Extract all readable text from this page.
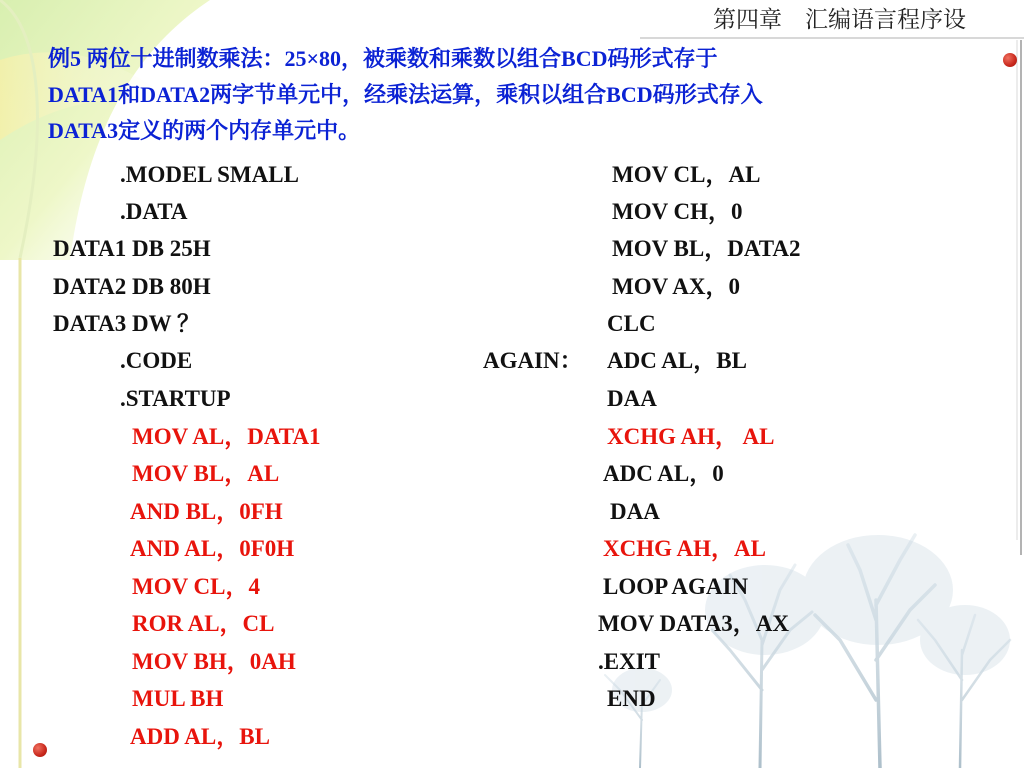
第四章　汇编语言程序设
例5 两位十进制数乘法：25×80，被乘数和乘数以组合BCD码形式存于
DATA1和DATA2两字节单元中，经乘法运算，乘积以组合BCD码形式存入
DATA3定义的两个内存单元中。
.MODEL SMALL
.DATA
DATA1 DB 25H
DATA2 DB 80H
DATA3 DW ？
.CODE
.STARTUP
MOV AL，DATA1
MOV BL，AL
AND BL，0FH
AND AL，0F0H
MOV CL，4
ROR AL，CL
MOV BH，0AH
MUL BH
ADD AL，BL
MOV CL，AL
MOV CH，0
MOV BL，DATA2
MOV AX，0
CLC
AGAIN： ADC AL，BL
DAA
XCHG AH， AL
ADC AL，0
DAA
XCHG AH，AL
LOOP AGAIN
MOV DATA3，AX
.EXIT
END
